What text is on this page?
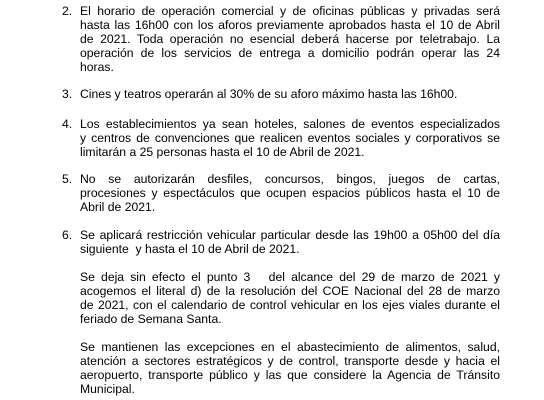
2. El horario de operación comercial y de oficinas públicas y privadas será
hasta las 16h00 con los aforos previamente aprobados hasta el 10 de Abril
de 2021. Toda operación no esencial deberá hacerse por teletrabajo. La
operación de los servicios de entrega a domicilio podrán operar las 24
horas.
3. Cines y teatros operarán al 30% de su aforo máximo hasta las 16h00.
4. Los establecimientos ya sean hoteles, salones de eventos especializados
y centros de convenciones que realicen eventos sociales y corporativos se
limitarán a 25 personas hasta el 10 de Abril de 2021.
5. No se autorizarán desfiles, concursos, bingos, juegos de cartas,
procesiones y espectáculos que ocupen espacios públicos hasta el 10 de
Abril de 2021.
6. Se aplicará restricción vehicular particular desde las 19h00 a 05h00 del día
siguiente  y hasta el 10 de Abril de 2021.
Se deja sin efecto el punto 3   del alcance del 29 de marzo de 2021 y
acogemos el literal d) de la resolución del COE Nacional del 28 de marzo
de 2021, con el calendario de control vehicular en los ejes viales durante el
feriado de Semana Santa.
Se mantienen las excepciones en el abastecimiento de alimentos, salud,
atención a sectores estratégicos y de control, transporte desde y hacia el
aeropuerto, transporte público y las que considere la Agencia de Tránsito
Municipal.
